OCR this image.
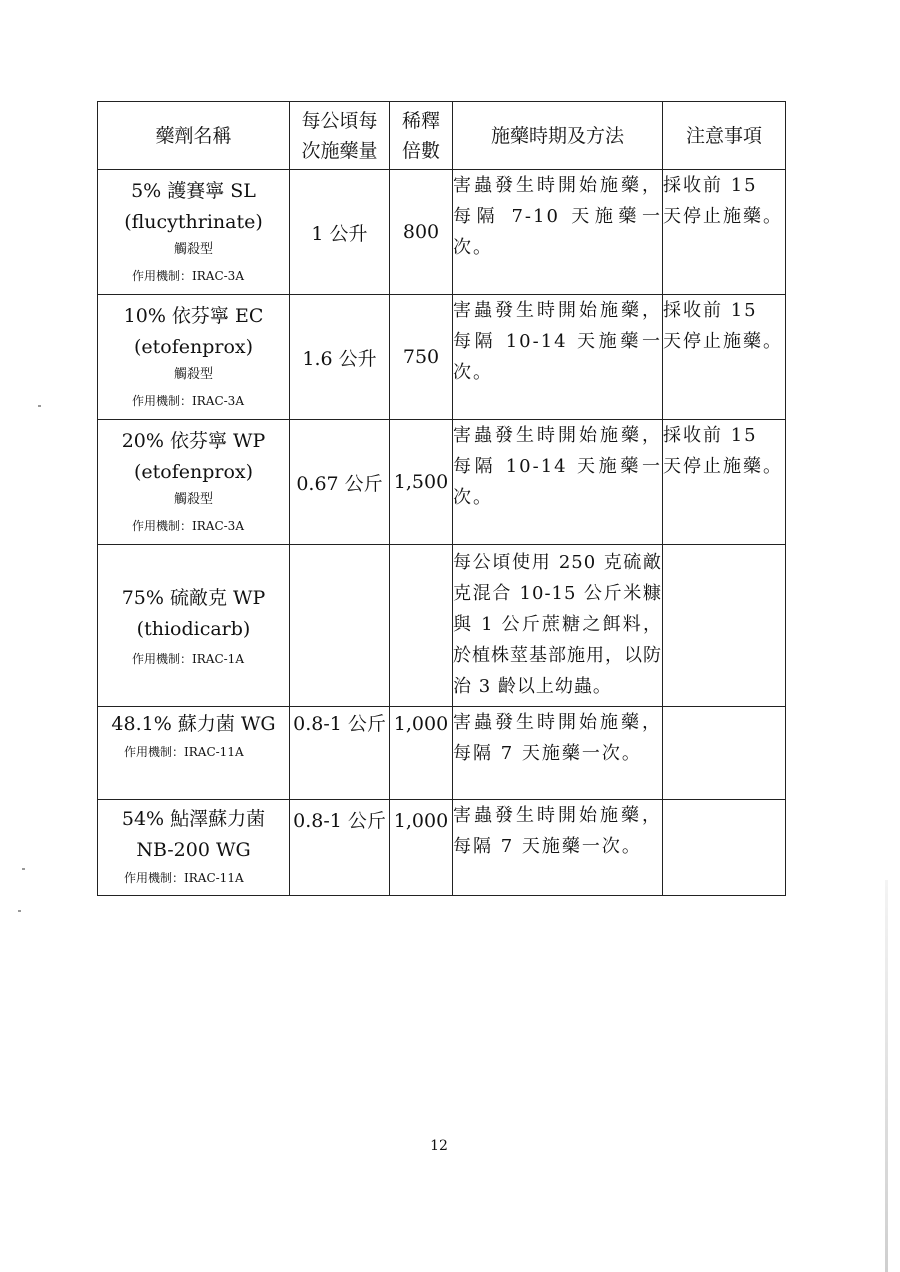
藥劑名稱	每公頃每次施藥量	稀釋倍數	施藥時期及方法	注意事項

5% 護賽寧 SL
(flucythrinate)
觸殺型
作用機制：IRAC-3A	1 公升	800	害蟲發生時開始施藥，每隔 7-10 天施藥一次。	採收前 15 天停止施藥。

10% 依芬寧 EC
(etofenprox)
觸殺型
作用機制：IRAC-3A	1.6 公升	750	害蟲發生時開始施藥，每隔 10-14 天施藥一次。	採收前 15 天停止施藥。

20% 依芬寧 WP
(etofenprox)
觸殺型
作用機制：IRAC-3A	0.67 公斤	1,500	害蟲發生時開始施藥，每隔 10-14 天施藥一次。	採收前 15 天停止施藥。

75% 硫敵克 WP
(thiodicarb)
作用機制：IRAC-1A			每公頃使用 250 克硫敵克混合 10-15 公斤米糠與 1 公斤蔗糖之餌料，於植株莖基部施用，以防治 3 齡以上幼蟲。	

48.1% 蘇力菌 WG
作用機制：IRAC-11A	0.8-1 公斤	1,000	害蟲發生時開始施藥，每隔 7 天施藥一次。	

54% 鮎澤蘇力菌
NB-200 WG
作用機制：IRAC-11A	0.8-1 公斤	1,000	害蟲發生時開始施藥，每隔 7 天施藥一次。	
12
